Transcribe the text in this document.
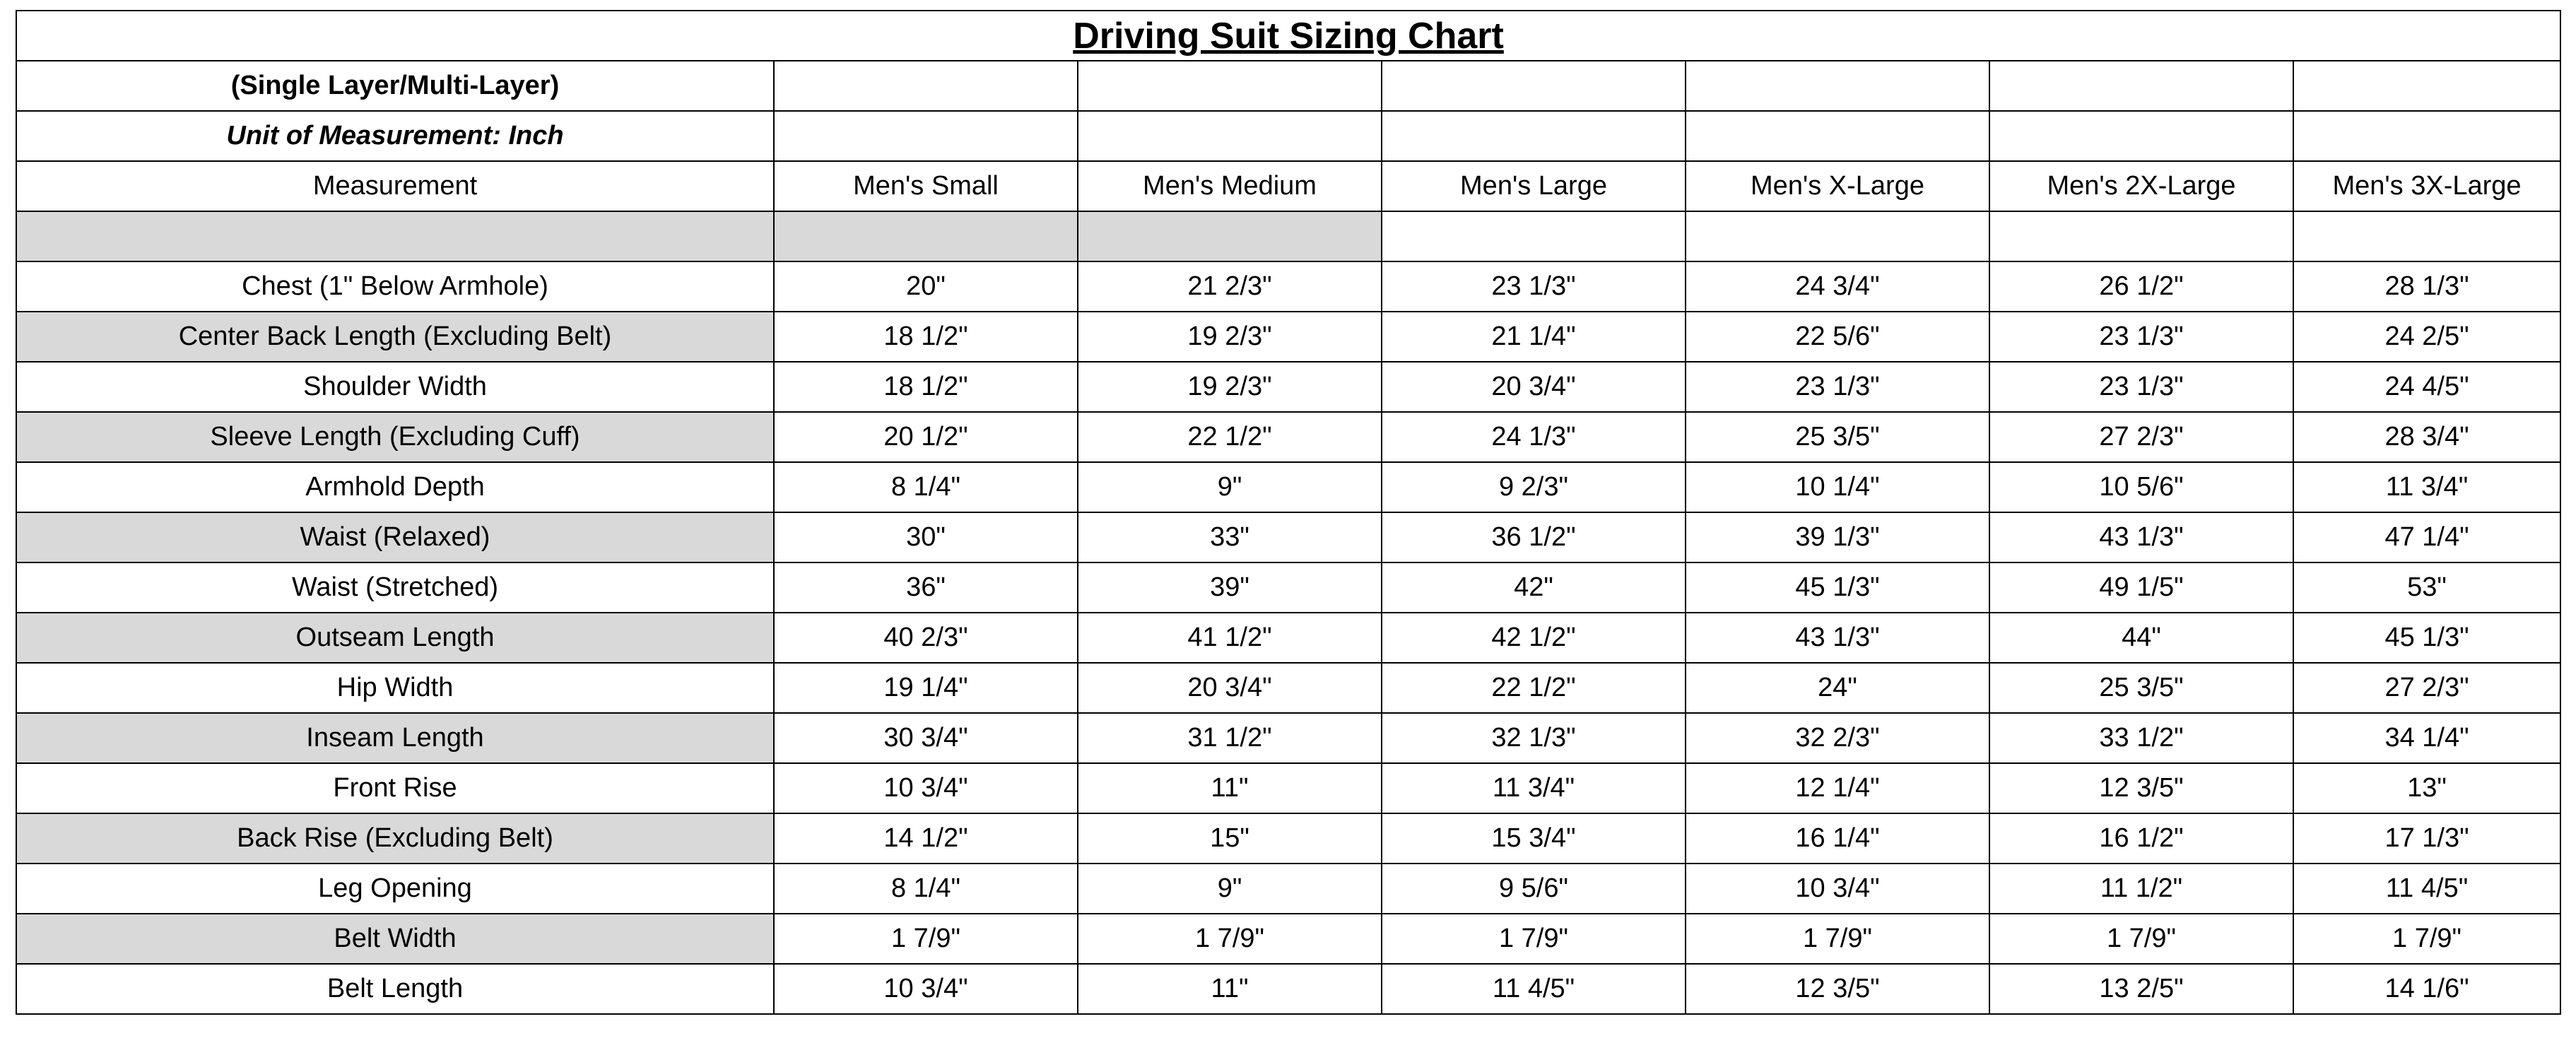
Driving Suit Sizing Chart						
(Single Layer/Multi-Layer)						
Unit of Measurement: Inch						
Measurement	Men's Small	Men's Medium	Men's Large	Men's X-Large	Men's 2X-Large	Men's 3X-Large

Chest (1" Below Armhole)	20"	21 2/3"	23 1/3"	24 3/4"	26 1/2"	28 1/3"
Center Back Length (Excluding Belt)	18 1/2"	19 2/3"	21 1/4"	22 5/6"	23 1/3"	24 2/5"
Shoulder Width	18 1/2"	19 2/3"	20 3/4"	23 1/3"	23 1/3"	24 4/5"
Sleeve Length (Excluding Cuff)	20 1/2"	22 1/2"	24 1/3"	25 3/5"	27 2/3"	28 3/4"
Armhold Depth	8 1/4"	9"	9 2/3"	10 1/4"	10 5/6"	11 3/4"
Waist (Relaxed)	30"	33"	36 1/2"	39 1/3"	43 1/3"	47 1/4"
Waist (Stretched)	36"	39"	42"	45 1/3"	49 1/5"	53"
Outseam Length	40 2/3"	41 1/2"	42 1/2"	43 1/3"	44"	45 1/3"
Hip Width	19 1/4"	20 3/4"	22 1/2"	24"	25 3/5"	27 2/3"
Inseam Length	30 3/4"	31 1/2"	32 1/3"	32 2/3"	33 1/2"	34 1/4"
Front Rise	10 3/4"	11"	11 3/4"	12 1/4"	12 3/5"	13"
Back Rise (Excluding Belt)	14 1/2"	15"	15 3/4"	16 1/4"	16 1/2"	17 1/3"
Leg Opening	8 1/4"	9"	9 5/6"	10 3/4"	11 1/2"	11 4/5"
Belt Width	1 7/9"	1 7/9"	1 7/9"	1 7/9"	1 7/9"	1 7/9"
Belt Length	10 3/4"	11"	11 4/5"	12 3/5"	13 2/5"	14 1/6"
